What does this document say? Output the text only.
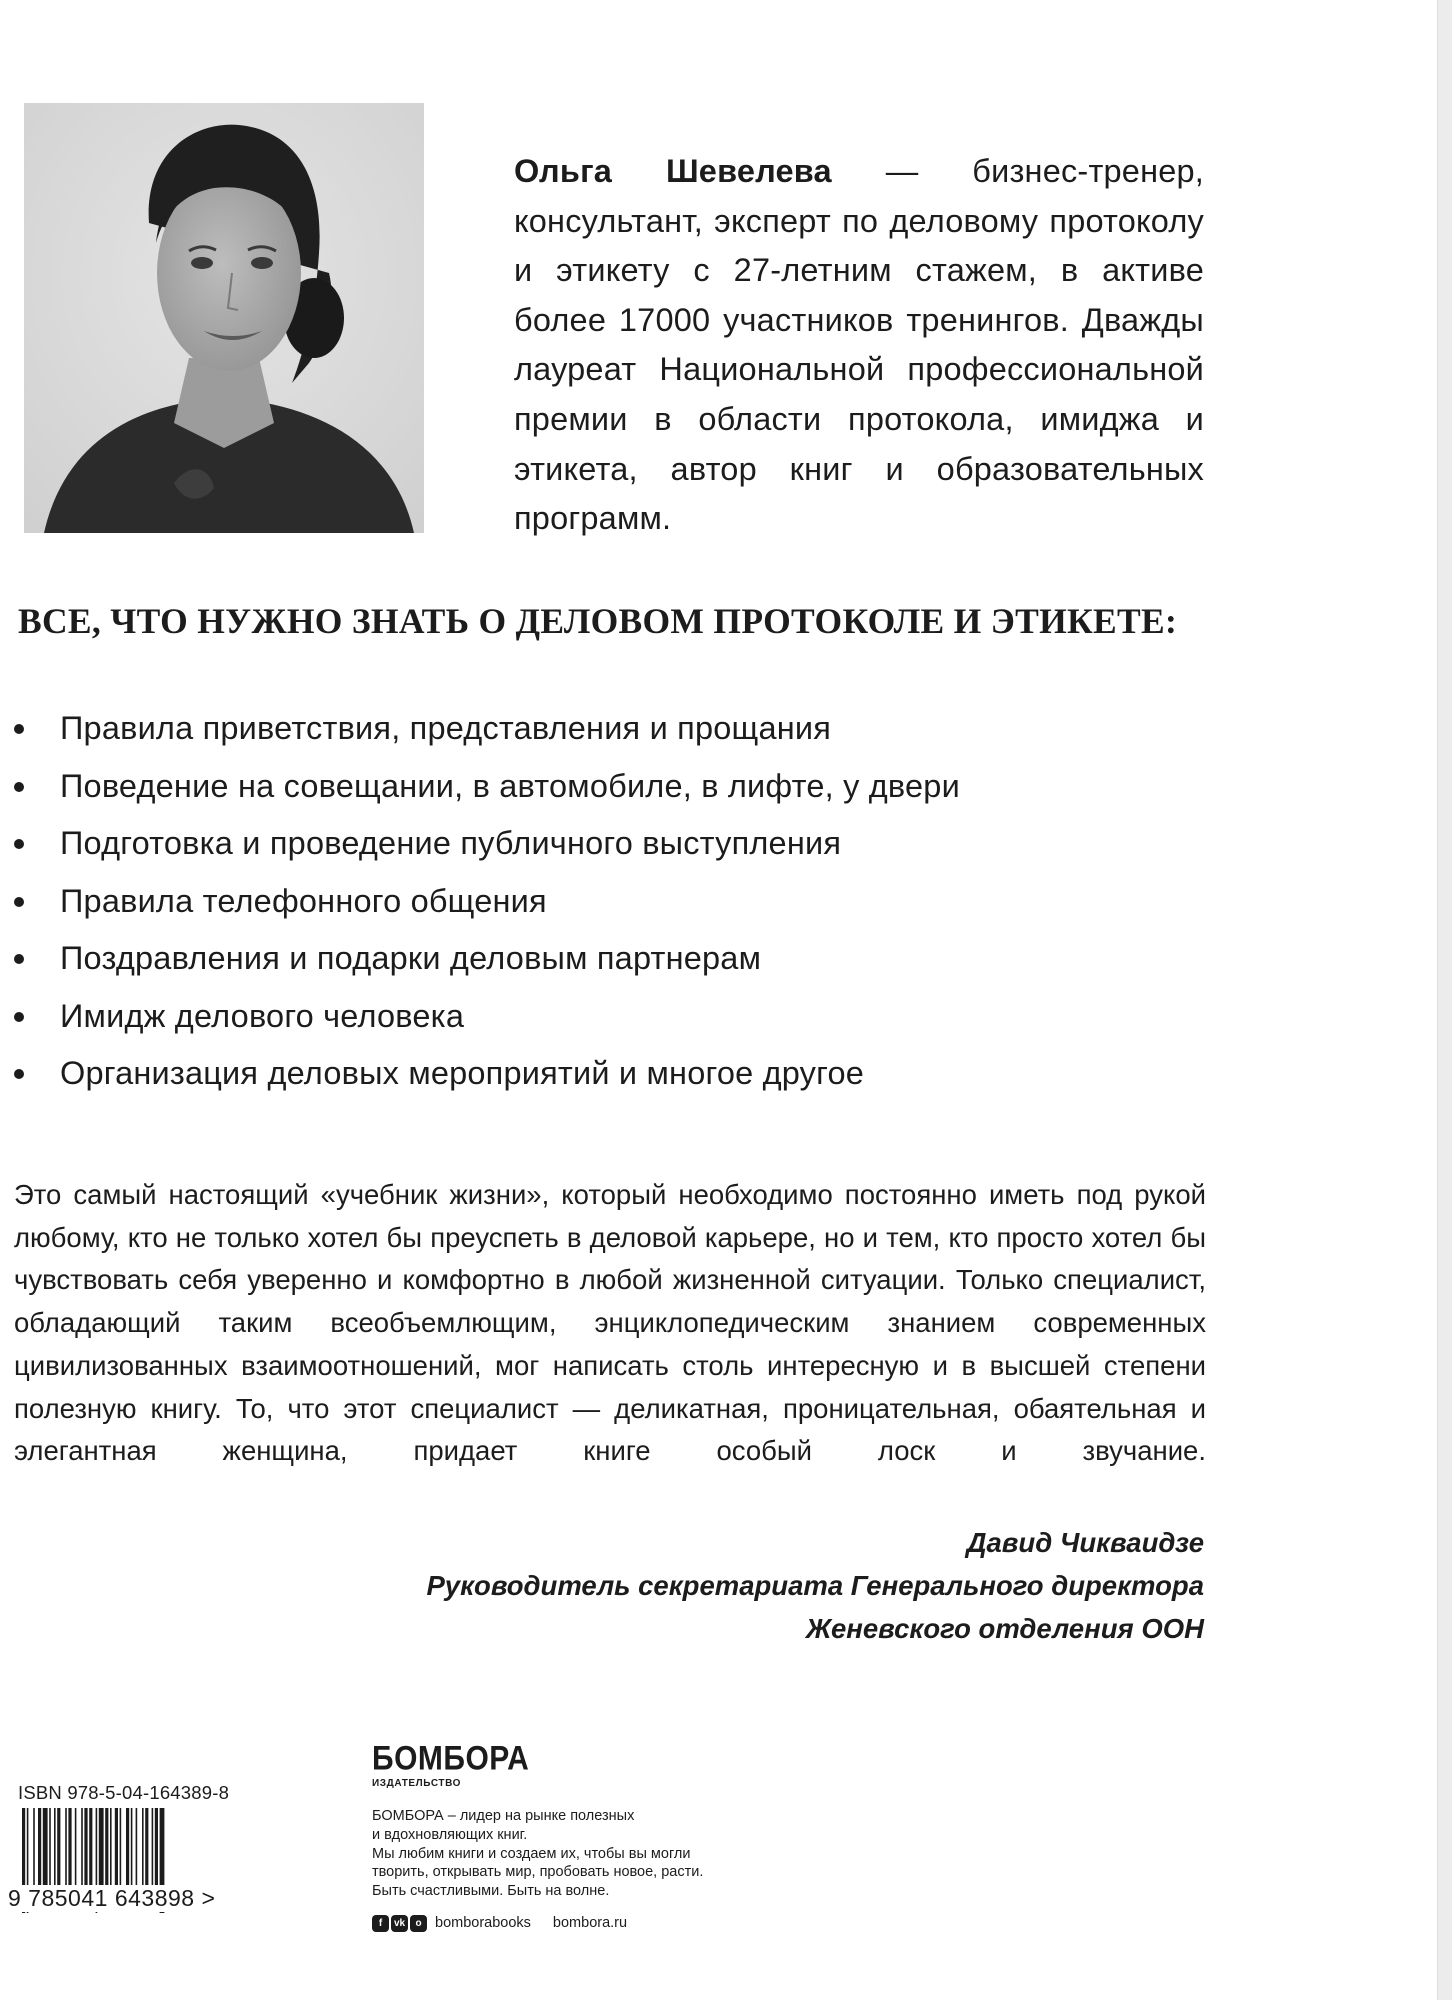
Ольга Шевелева — бизнес-тренер, консультант, эксперт по деловому протоколу и этикету с 27-летним стажем, в активе более 17000 участников тренингов. Дважды лауреат Национальной профессиональной премии в области протокола, имиджа и этикета, автор книг и образовательных программ.
ВСЕ, ЧТО НУЖНО ЗНАТЬ О ДЕЛОВОМ ПРОТОКОЛЕ И ЭТИКЕТЕ:
Правила приветствия, представления и прощания
Поведение на совещании, в автомобиле, в лифте, у двери
Подготовка и проведение публичного выступления
Правила телефонного общения
Поздравления и подарки деловым партнерам
Имидж делового человека
Организация деловых мероприятий и многое другое
Это самый настоящий «учебник жизни», который необходимо постоянно иметь под рукой любому, кто не только хотел бы преуспеть в деловой карьере, но и тем, кто просто хотел бы чувствовать себя уверенно и комфортно в любой жизненной ситуации. Только специалист, обладающий таким всеобъемлющим, энциклопедическим знанием современных цивилизованных взаимоотношений, мог написать столь интересную и в высшей степени полезную книгу. То, что этот специалист — деликатная, проницательная, обаятельная и элегантная женщина, придает книге особый лоск и звучание.
Давид Чикваидзе
Руководитель секретариата Генерального директора
Женевского отделения ООН
ISBN 978-5-04-164389-8
9 785041 643898 >
БОМБОРА
ИЗДАТЕЛЬСТВО
БОМБОРА – лидер на рынке полезных
и вдохновляющих книг.
Мы любим книги и создаем их, чтобы вы могли
творить, открывать мир, пробовать новое, расти.
Быть счастливыми. Быть на волне.
f	vk	o bomborabooks bombora.ru
